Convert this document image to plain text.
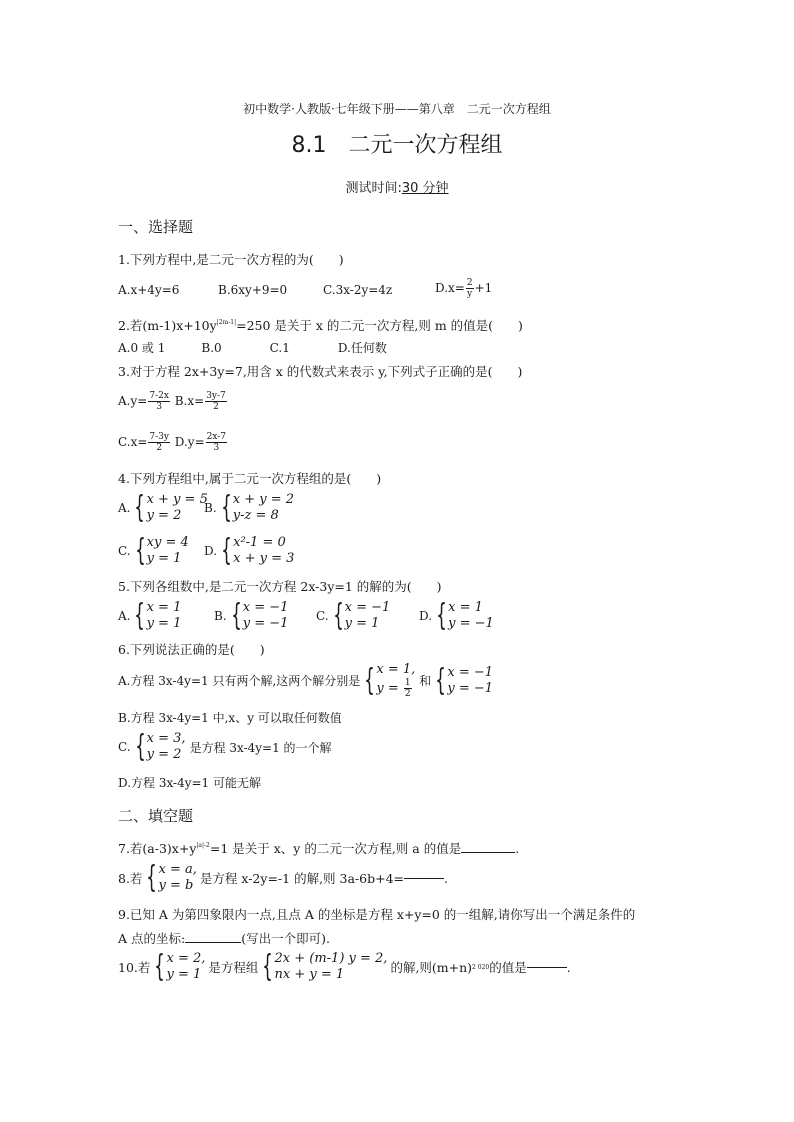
初中数学·人教版·七年级下册——第八章　二元一次方程组
8.1 二元一次方程组
测试时间:30 分钟
一、选择题
1.下列方程中,是二元一次方程的为(　　)
A.x+4y=6	B.6xy+9=0	C.3x-2y=4z	$D.x= \frac{2}{y} +1$
2.若$(m-1)x+10y^{|2m-1|}=250$ 是关于 x 的二元一次方程,则 m 的值是(　　)
A.0 或 1　　　B.0　　　　C.1　　　　D.任何数
3.对于方程 2x+3y=7,用含 x 的代数式来表示 y,下列式子正确的是(　　)
$A.y= \frac{7-2x}{3} B.x= \frac{3y-7}{2}$
$C.x= \frac{7-3y}{2} D.y= \frac{2x-7}{3}$
4.下列方程组中,属于二元一次方程组的是(　　)
A. { x + y = 5
y = 2	B. { x + y = 2
y-z = 8
C. { xy = 4
y = 1	D. { x²-1 = 0
x + y = 3
5.下列各组数中,是二元一次方程 2x-3y=1 的解的为(　　)
A. { x = 1
y = 1	B. { x = −1
y = −1 C. { x = −1
y = 1	D. { x = 1
y = −1
6.下列说法正确的是(　　)
A.方程 3x-4y=1 只有两个解,这两个解分别是 { x = 1,
$y = \frac{1}{2}$ 和 { x = −1
y = −1
B.方程 3x-4y=1 中,x、y 可以取任何数值
C. { x = 3,
y = 2 是方程 3x-4y=1 的一个解
D.方程 3x-4y=1 可能无解
二、填空题
7.若$(a-3)x+y^{|a|-2}=1$ 是关于 x、y 的二元一次方程,则 a 的值是	.
8.若 { x = a,
y = b 是方程 x-2y=-1 的解,则 3a-6b+4=	.
9.已知 A 为第四象限内一点,且点 A 的坐标是方程 x+y=0 的一组解,请你写出一个满足条件的
A 点的坐标:	(写出一个即可).
10.若 { x = 2,
y = 1 是方程组 { 2x + (m-1) y = 2,
nx + y = 1	的解,则(m+n) 2 020 的值是	.
